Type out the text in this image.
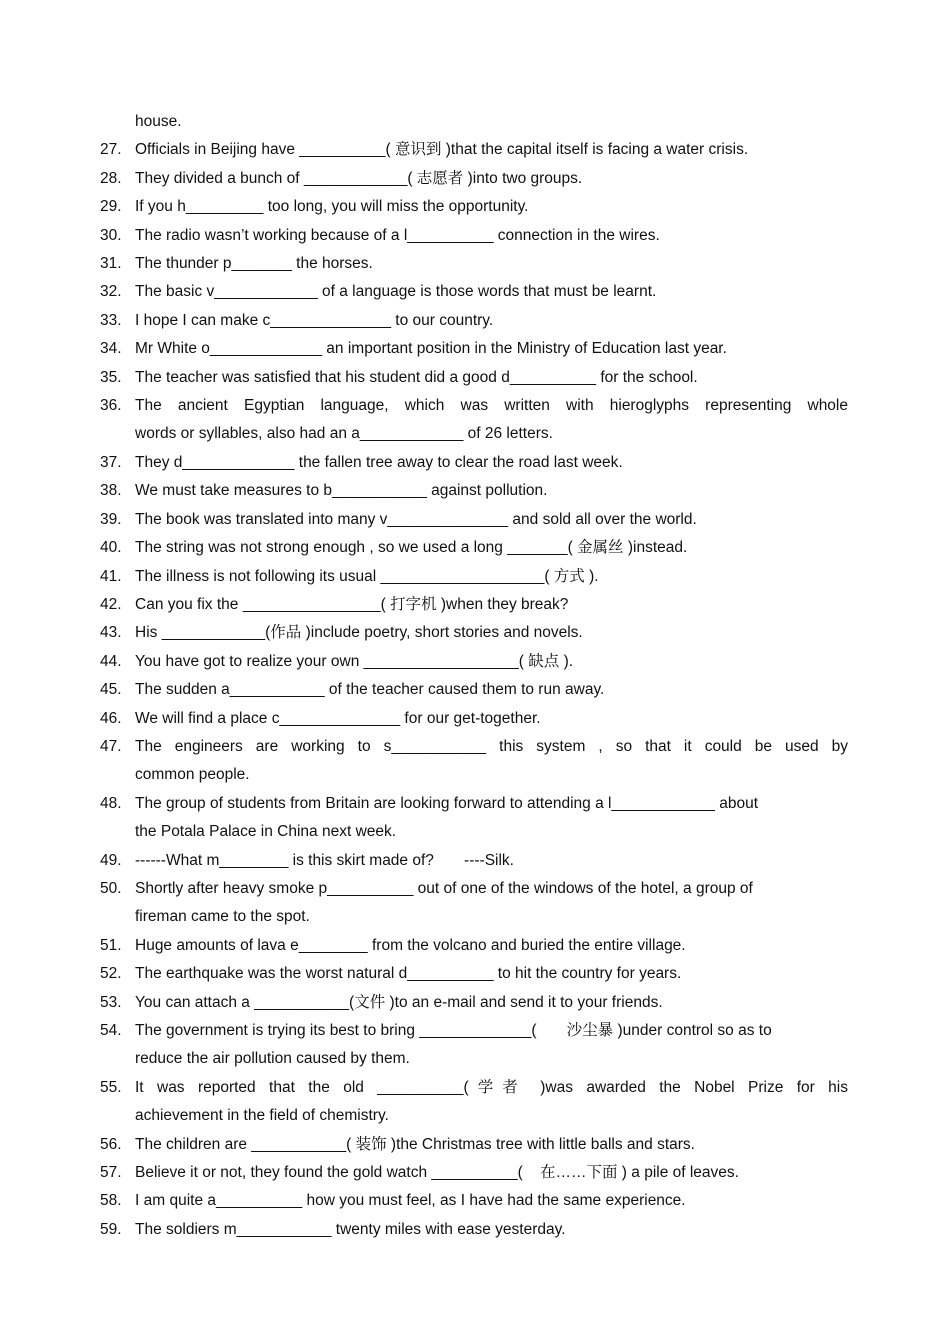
house.
27. Officials in Beijing have __________( 意识到 )that the capital itself is facing a water crisis.
28. They divided a bunch of ____________( 志愿者 )into two groups.
29. If you h_________ too long, you will miss the opportunity.
30. The radio wasn’t working because of a l__________ connection in the wires.
31. The thunder p_______ the horses.
32. The basic v____________ of a language is those words that must be learnt.
33. I hope I can make c______________ to our country.
34. Mr White o_____________ an important position in the Ministry of Education last year.
35. The teacher was satisfied that his student did a good d__________ for the school.
36. The ancient Egyptian language, which was written with hieroglyphs representing whole
words or syllables, also had an a____________ of 26 letters.
37. They d_____________ the fallen tree away to clear the road last week.
38. We must take measures to b___________ against pollution.
39. The book was translated into many v______________ and sold all over the world.
40. The string was not strong enough , so we used a long _______( 金属丝 )instead.
41. The illness is not following its usual ___________________( 方式 ).
42. Can you fix the ________________( 打字机 )when they break?
43. His ____________(作品 )include poetry, short stories and novels.
44. You have got to realize your own __________________( 缺点 ).
45. The sudden a___________ of the teacher caused them to run away.
46. We will find a place c______________ for our get-together.
47. The engineers are working to s___________ this system , so that it could be used by
common people.
48. The group of students from Britain are looking forward to attending a l____________ about
the Potala Palace in China next week.
49. ------What m________ is this skirt made of?       ----Silk.
50. Shortly after heavy smoke p__________ out of one of the windows of the hotel, a group of
fireman came to the spot.
51. Huge amounts of lava e________ from the volcano and buried the entire village.
52. The earthquake was the worst natural d__________ to hit the country for years.
53. You can attach a ___________(文件 )to an e-mail and send it to your friends.
54. The government is trying its best to bring _____________(       沙尘暴 )under control so as to
reduce the air pollution caused by them.
55. It was reported that the old __________(学者 )was awarded the Nobel Prize for his
achievement in the field of chemistry.
56. The children are ___________( 装饰 )the Christmas tree with little balls and stars.
57. Believe it or not, they found the gold watch __________(    在……下面 ) a pile of leaves.
58. I am quite a__________ how you must feel, as I have had the same experience.
59. The soldiers m___________ twenty miles with ease yesterday.
